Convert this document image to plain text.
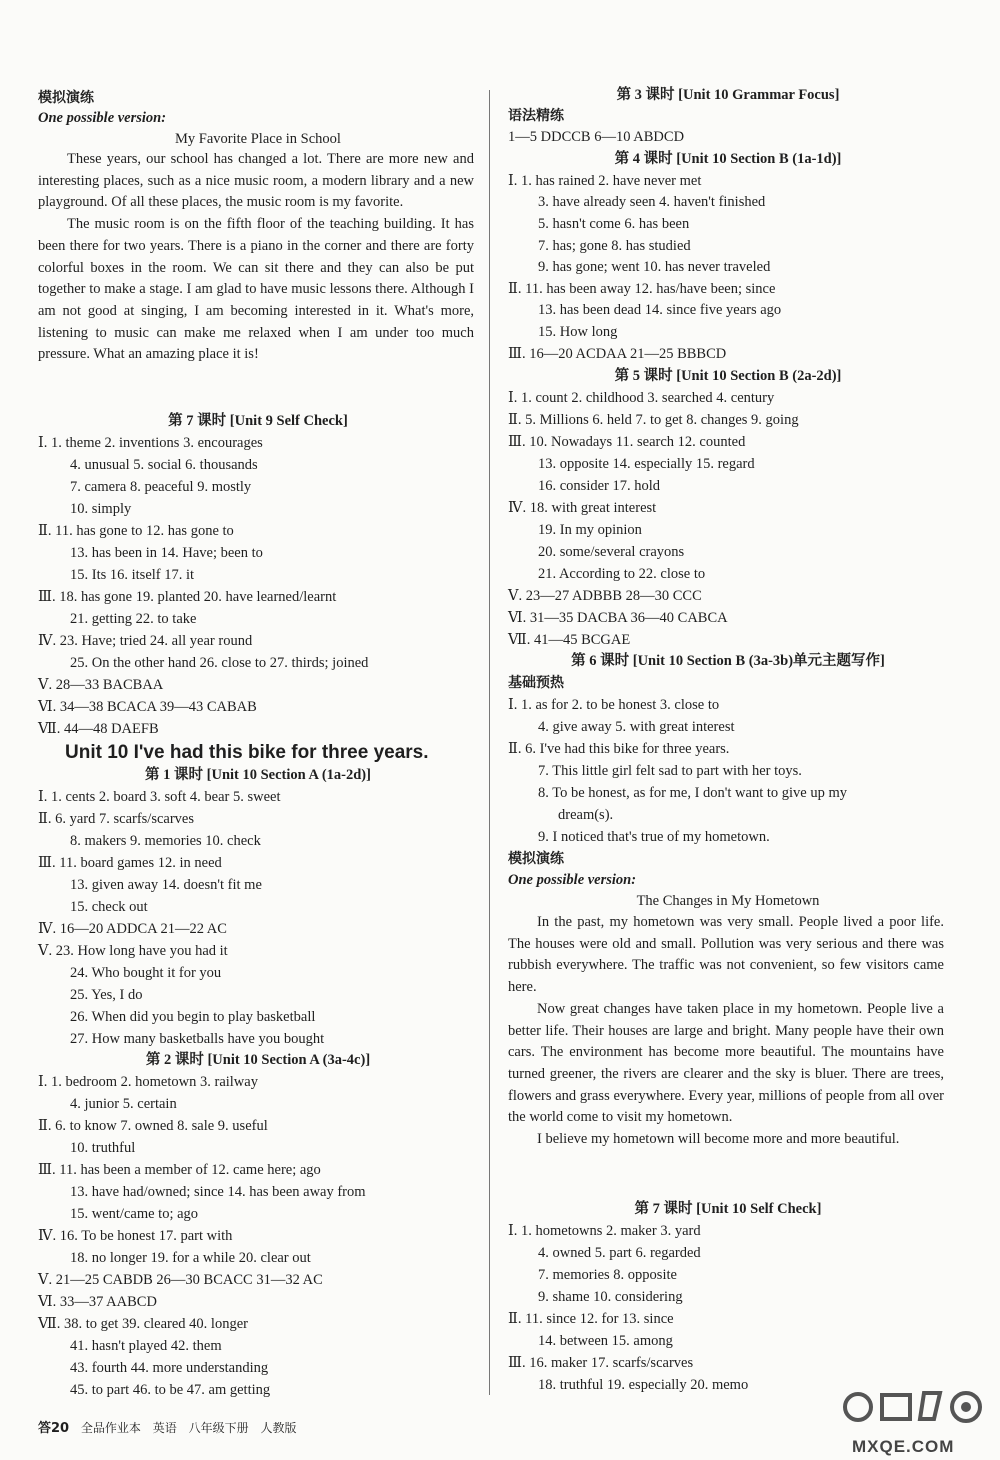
模拟演练
One possible version:
My Favorite Place in School

These years, our school has changed a lot. There are more new and interesting places, such as a nice music room, a modern library and a new playground. Of all these places, the music room is my favorite.

The music room is on the fifth floor of the teaching building. It has been there for two years. There is a piano in the corner and there are forty colorful boxes in the room. We can sit there and they can also be put together to make a stage. I am glad to have music lessons there. Although I am not good at singing, I am becoming interested in it. What's more, listening to music can make me relaxed when I am under too much pressure. What an amazing place it is!

第 7 课时 [Unit 9 Self Check]
Ⅰ. 1. theme 2. inventions 3. encourages
4. unusual 5. social 6. thousands
7. camera 8. peaceful 9. mostly
10. simply
Ⅱ. 11. has gone to 12. has gone to
13. has been in 14. Have; been to
15. Its 16. itself 17. it
Ⅲ. 18. has gone 19. planted 20. have learned/learnt
21. getting 22. to take
Ⅳ. 23. Have; tried 24. all year round
25. On the other hand 26. close to 27. thirds; joined
Ⅴ. 28—33 BACBAA
Ⅵ. 34—38 BCACA 39—43 CABAB
Ⅶ. 44—48 DAEFB
Unit 10 I've had this bike for three years.
第 1 课时 [Unit 10 Section A (1a-2d)]
Ⅰ. 1. cents 2. board 3. soft 4. bear 5. sweet
Ⅱ. 6. yard 7. scarfs/scarves
8. makers 9. memories 10. check
Ⅲ. 11. board games 12. in need
13. given away 14. doesn't fit me
15. check out
Ⅳ. 16—20 ADDCA 21—22 AC
Ⅴ. 23. How long have you had it
24. Who bought it for you
25. Yes, I do
26. When did you begin to play basketball
27. How many basketballs have you bought
第 2 课时 [Unit 10 Section A (3a-4c)]
Ⅰ. 1. bedroom 2. hometown 3. railway
4. junior 5. certain
Ⅱ. 6. to know 7. owned 8. sale 9. useful
10. truthful
Ⅲ. 11. has been a member of 12. came here; ago
13. have had/owned; since 14. has been away from
15. went/came to; ago
Ⅳ. 16. To be honest 17. part with
18. no longer 19. for a while 20. clear out
Ⅴ. 21—25 CABDB 26—30 BCACC 31—32 AC
Ⅵ. 33—37 AABCD
Ⅶ. 38. to get 39. cleared 40. longer
41. hasn't played 42. them
43. fourth 44. more understanding
45. to part 46. to be 47. am getting
第 3 课时 [Unit 10 Grammar Focus]
语法精练
1—5 DDCCB 6—10 ABDCD
第 4 课时 [Unit 10 Section B (1a-1d)]
Ⅰ. 1. has rained 2. have never met
3. have already seen 4. haven't finished
5. hasn't come 6. has been
7. has; gone 8. has studied
9. has gone; went 10. has never traveled
Ⅱ. 11. has been away 12. has/have been; since
13. has been dead 14. since five years ago
15. How long
Ⅲ. 16—20 ACDAA 21—25 BBBCD
第 5 课时 [Unit 10 Section B (2a-2d)]
Ⅰ. 1. count 2. childhood 3. searched 4. century
Ⅱ. 5. Millions 6. held 7. to get 8. changes 9. going
Ⅲ. 10. Nowadays 11. search 12. counted
13. opposite 14. especially 15. regard
16. consider 17. hold
Ⅳ. 18. with great interest
19. In my opinion
20. some/several crayons
21. According to 22. close to
Ⅴ. 23—27 ADBBB 28—30 CCC
Ⅵ. 31—35 DACBA 36—40 CABCA
Ⅶ. 41—45 BCGAE
第 6 课时 [Unit 10 Section B (3a-3b)单元主题写作]
基础预热
Ⅰ. 1. as for 2. to be honest 3. close to
4. give away 5. with great interest
Ⅱ. 6. I've had this bike for three years.
7. This little girl felt sad to part with her toys.
8. To be honest, as for me, I don't want to give up my
dream(s).
9. I noticed that's true of my hometown.
模拟演练
One possible version:
The Changes in My Hometown

In the past, my hometown was very small. People lived a poor life. The houses were old and small. Pollution was very serious and there was rubbish everywhere. The traffic was not convenient, so few visitors came here.

Now great changes have taken place in my hometown. People live a better life. Their houses are large and bright. Many people have their own cars. The environment has become more beautiful. The mountains have turned greener, the rivers are clearer and the sky is bluer. There are trees, flowers and grass everywhere. Every year, millions of people from all over the world come to visit my hometown.

I believe my hometown will become more and more beautiful.

第 7 课时 [Unit 10 Self Check]
Ⅰ. 1. hometowns 2. maker 3. yard
4. owned 5. part 6. regarded
7. memories 8. opposite
9. shame 10. considering
Ⅱ. 11. since 12. for 13. since
14. between 15. among
Ⅲ. 16. maker 17. scarfs/scarves
18. truthful 19. especially 20. memo
答20 全品作业本 英语 八年级下册 人教版
MXQE.COM
